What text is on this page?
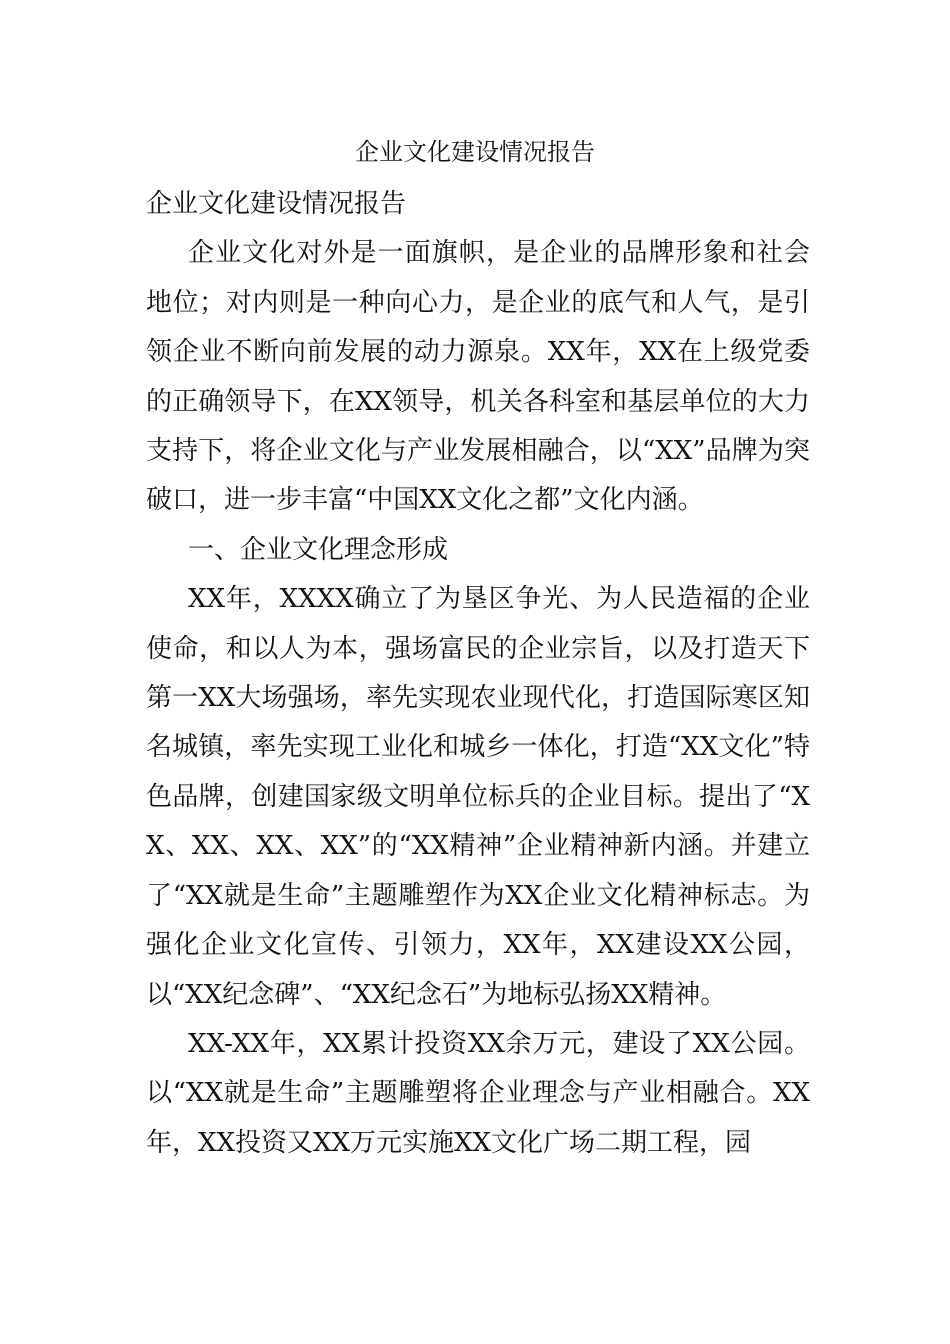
企业文化建设情况报告

企业文化建设情况报告

企业文化对外是一面旗帜，是企业的品牌形象和社会地位；对内则是一种向心力，是企业的底气和人气，是引领企业不断向前发展的动力源泉。XX年，XX在上级党委的正确领导下，在XX领导，机关各科室和基层单位的大力支持下，将企业文化与产业发展相融合，以“XX”品牌为突破口，进一步丰富“中国XX文化之都”文化内涵。

一、企业文化理念形成

XX年，XXXX确立了为垦区争光、为人民造福的企业使命，和以人为本，强场富民的企业宗旨，以及打造天下第一XX大场强场，率先实现农业现代化，打造国际寒区知名城镇，率先实现工业化和城乡一体化，打造“XX文化”特色品牌，创建国家级文明单位标兵的企业目标。提出了“XX、XX、XX、XX”的“XX精神”企业精神新内涵。并建立了“XX就是生命”主题雕塑作为XX企业文化精神标志。为强化企业文化宣传、引领力，XX年，XX建设XX公园，以“XX纪念碑”、“XX纪念石”为地标弘扬XX精神。

XX-XX年，XX累计投资XX余万元，建设了XX公园。以“XX就是生命”主题雕塑将企业理念与产业相融合。XX年，XX投资又XX万元实施XX文化广场二期工程，园
